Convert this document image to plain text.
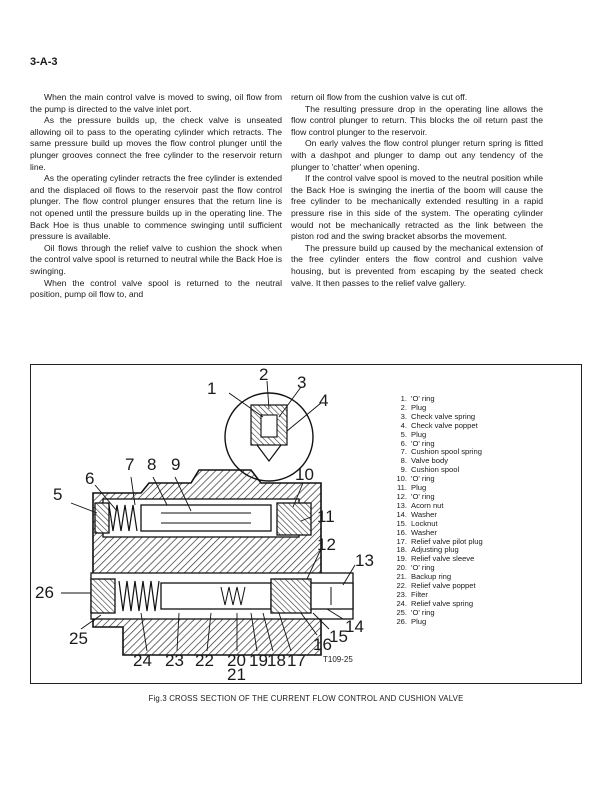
3-A-3

When the main control valve is moved to swing, oil flow from the pump is directed to the valve inlet port.

As the pressure builds up, the check valve is unseated allowing oil to pass to the operating cylinder which retracts. The same pressure build up moves the flow control plunger until the plunger grooves connect the free cylinder to the reservoir return line.

As the operating cylinder retracts the free cylinder is extended and the displaced oil flows to the reservoir past the flow control plunger. The flow control plunger ensures that the return line is not opened until the pressure builds up in the operating line. The Back Hoe is thus unable to commence swinging until sufficient pressure is available.

Oil flows through the relief valve to cushion the shock when the control valve spool is returned to neutral while the Back Hoe is swinging.

When the control valve spool is returned to the neutral position, pump oil flow to, and

return oil flow from the cushion valve is cut off.

The resulting pressure drop in the operating line allows the flow control plunger to return. This blocks the oil return past the flow control plunger to the reservoir.

On early valves the flow control plunger return spring is fitted with a dashpot and plunger to damp out any tendency of the plunger to 'chatter' when opening.

If the control valve spool is moved to the neutral position while the Back Hoe is swinging the inertia of the boom will cause the free cylinder to be mechanically extended resulting in a rapid pressure rise in this side of the system. The operating cylinder would not be mechanically retracted as the link between the piston rod and the swing bracket absorbs the movement.

The pressure build up caused by the mechanical extension of the free cylinder enters the flow control and cushion valve housing, but is prevented from escaping by the seated check valve. It then passes to the relief valve gallery.

1
2 3
4
5
6
7 8 9
10
11
12
13
14
15
16
17
18
19
20
21
22
23
24
25
26
T109-25
1. 'O' ring
2. Plug
3. Check valve spring
4. Check valve poppet
5. Plug
6. 'O' ring
7. Cushion spool spring
8. Valve body
9. Cushion spool
10. 'O' ring
11. Plug
12. 'O' ring
13. Acorn nut
14. Washer
15. Locknut
16. Washer
17. Relief valve pilot plug
18. Adjusting plug
19. Relief valve sleeve
20. 'O' ring
21. Backup ring
22. Relief valve poppet
23. Filter
24. Relief valve spring
25. 'O' ring
26. Plug
Fig.3 CROSS SECTION OF THE CURRENT FLOW CONTROL AND CUSHION VALVE
